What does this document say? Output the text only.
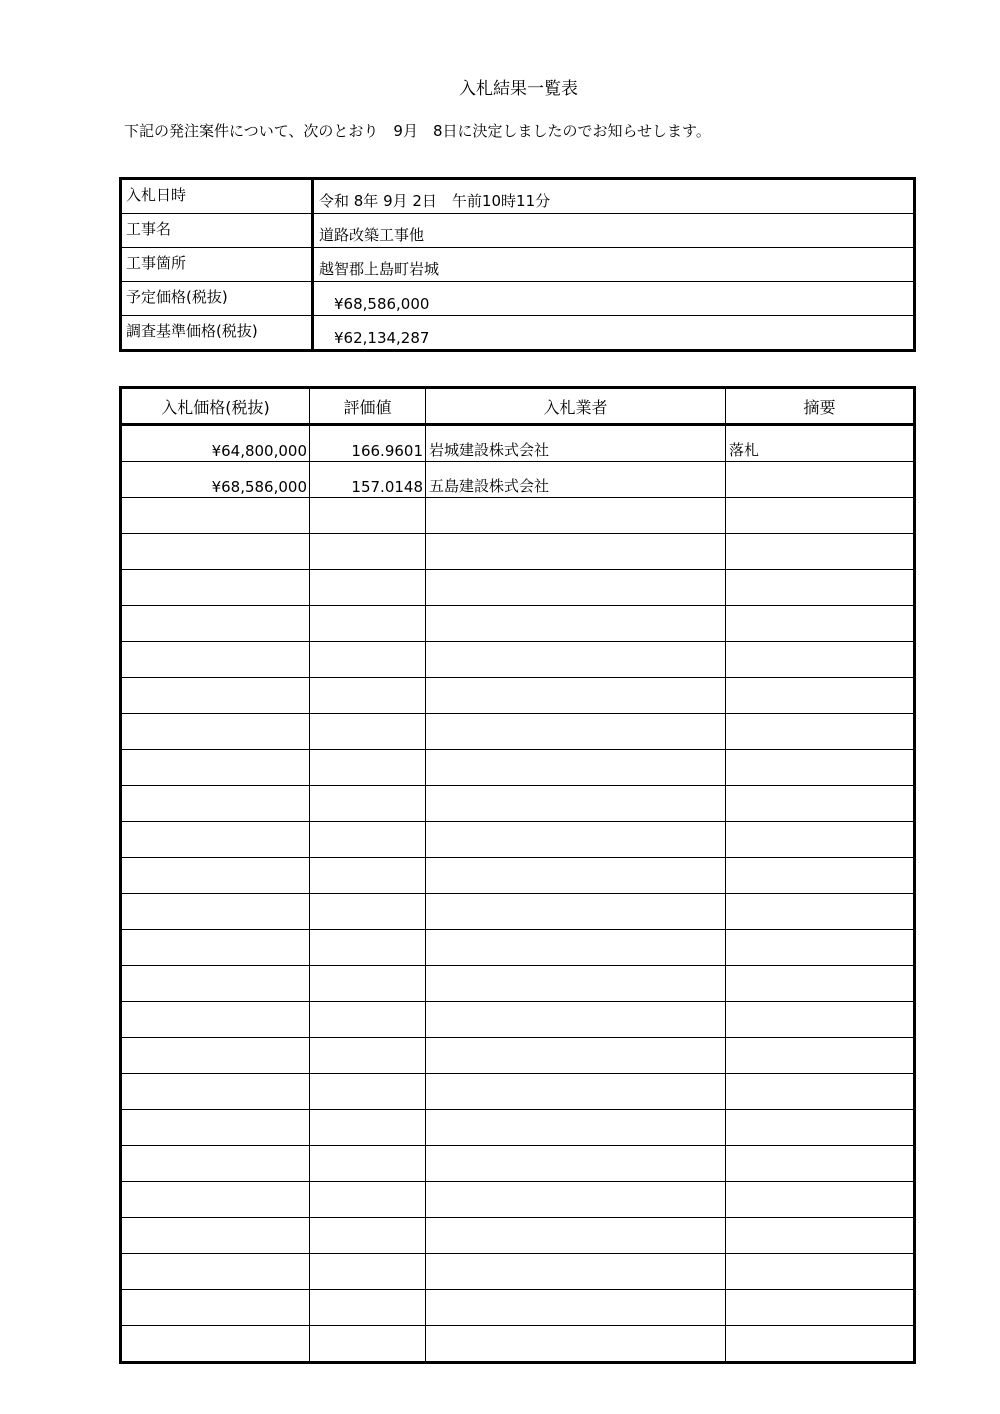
入札結果一覧表
下記の発注案件について、次のとおり　9月　8日に決定しましたのでお知らせします。
入札日時	令和 8年 9月 2日　午前10時11分
工事名	道路改築工事他
工事箇所	越智郡上島町岩城
予定価格(税抜)	¥68,586,000
調査基準価格(税抜)	¥62,134,287
入札価格(税抜)	評価値	入札業者	摘要
¥64,800,000	166.9601	岩城建設株式会社	落札
¥68,586,000	157.0148	五島建設株式会社	
